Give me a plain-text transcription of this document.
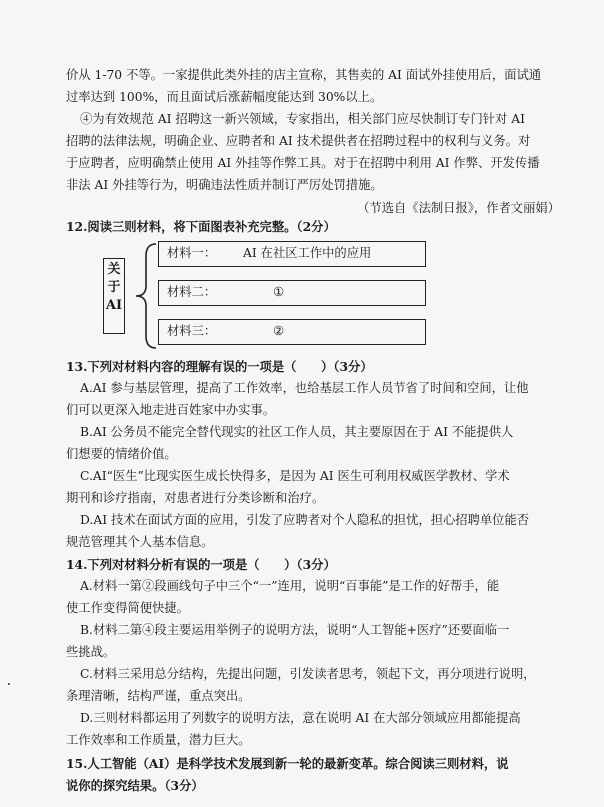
价从 1-70 不等。一家提供此类外挂的店主宣称，其售卖的 AI 面试外挂使用后，面试通
过率达到 100%，而且面试后涨薪幅度能达到 30%以上。
④为有效规范 AI 招聘这一新兴领域，专家指出，相关部门应尽快制订专门针对 AI
招聘的法律法规，明确企业、应聘者和 AI 技术提供者在招聘过程中的权利与义务。对
于应聘者，应明确禁止使用 AI 外挂等作弊工具。对于在招聘中利用 AI 作弊、开发传播
非法 AI 外挂等行为，明确违法性质并制订严厉处罚措施。
（节选自《法制日报》，作者文丽娟）
12.阅读三则材料，将下面图表补充完整。（2分）
关
于
AI
材料一： AI 在社区工作中的应用
材料二：	①
材料三：	②
13.下列对材料内容的理解有误的一项是（　　）（3分）
A.AI 参与基层管理，提高了工作效率，也给基层工作人员节省了时间和空间，让他
们可以更深入地走进百姓家中办实事。
B.AI 公务员不能完全替代现实的社区工作人员，其主要原因在于 AI 不能提供人
们想要的情绪价值。
C.AI“医生”比现实医生成长快得多，是因为 AI 医生可利用权威医学教材、学术
期刊和诊疗指南，对患者进行分类诊断和治疗。
D.AI 技术在面试方面的应用，引发了应聘者对个人隐私的担忧，担心招聘单位能否
规范管理其个人基本信息。
14.下列对材料分析有误的一项是（　　）（3分）
A.材料一第②段画线句子中三个“一”连用，说明“百事能”是工作的好帮手，能
使工作变得简便快捷。
B.材料二第④段主要运用举例子的说明方法，说明“人工智能+医疗”还要面临一
些挑战。
C.材料三采用总分结构，先提出问题，引发读者思考，领起下文，再分项进行说明，
条理清晰，结构严谨，重点突出。
D.三则材料都运用了列数字的说明方法，意在说明 AI 在大部分领域应用都能提高
工作效率和工作质量，潜力巨大。
15.人工智能（AI）是科学技术发展到新一轮的最新变革。综合阅读三则材料，说
说你的探究结果。（3分）
